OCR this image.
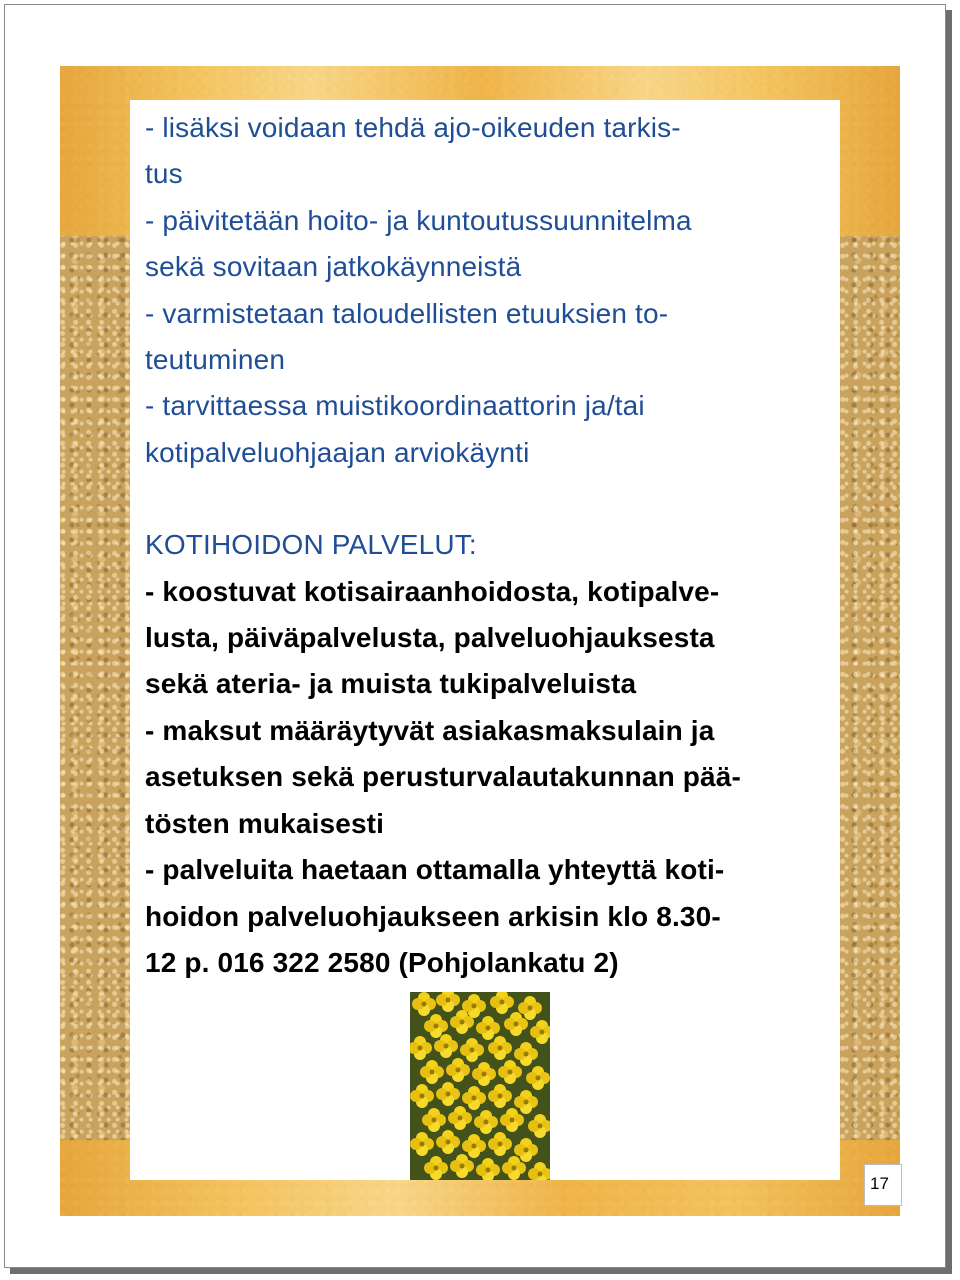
- lisäksi voidaan tehdä ajo-oikeuden tarkis-
tus
- päivitetään hoito- ja kuntoutussuunnitelma
sekä sovitaan jatkokäynneistä
- varmistetaan taloudellisten etuuksien to-
teutuminen
- tarvittaessa muistikoordinaattorin ja/tai
kotipalveluohjaajan arviokäynti
KOTIHOIDON PALVELUT:
- koostuvat kotisairaanhoidosta, kotipalve-
lusta, päiväpalvelusta, palveluohjauksesta
sekä ateria- ja muista tukipalveluista
- maksut määräytyvät asiakasmaksulain ja
asetuksen sekä perusturvalautakunnan pää-
tösten mukaisesti
- palveluita haetaan ottamalla yhteyttä koti-
hoidon palveluohjaukseen arkisin klo 8.30-
12 p. 016 322 2580 (Pohjolankatu 2)
17
